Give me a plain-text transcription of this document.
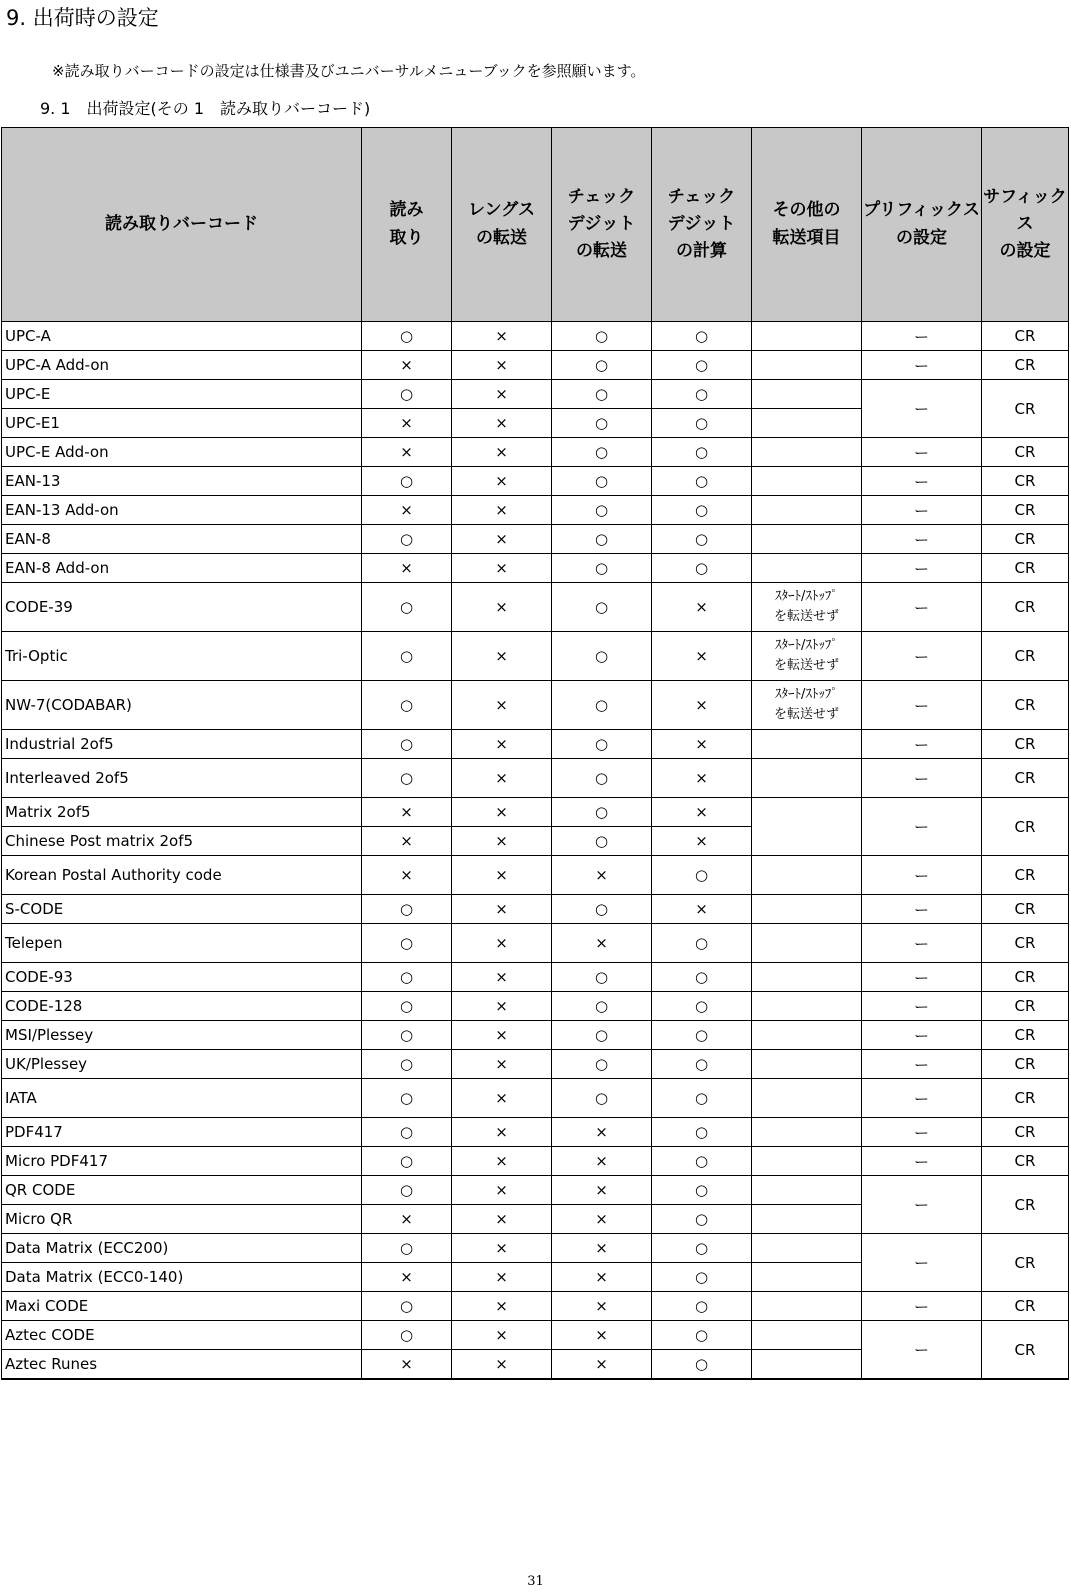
9. 出荷時の設定

※読み取りバーコードの設定は仕様書及びユニバーサルメニューブックを参照願います。

9. 1　出荷設定(その 1　読み取りバーコード)

読み取りバーコード	読み
取り	レングス
の転送	チェック
デジット
の転送	チェック
デジット
の計算	その他の
転送項目	プリフィックス
の設定	サフィックス
の設定

UPC-A	○	×	○	○		ー	CR
UPC-A Add-on	×	×	○	○		ー	CR
UPC-E	○	×	○	○		ー	CR
UPC-E1	×	×	○	○			
UPC-E Add-on	×	×	○	○		ー	CR
EAN-13	○	×	○	○		ー	CR
EAN-13 Add-on	×	×	○	○		ー	CR
EAN-8	○	×	○	○		ー	CR
EAN-8 Add-on	×	×	○	○		ー	CR
CODE-39	○	×	○	×	ｽﾀｰﾄ/ｽﾄｯﾌﾟ
を転送せず	ー	CR
Tri-Optic	○	×	○	×	ｽﾀｰﾄ/ｽﾄｯﾌﾟ
を転送せず	ー	CR
NW-7(CODABAR)	○	×	○	×	ｽﾀｰﾄ/ｽﾄｯﾌﾟ
を転送せず	ー	CR
Industrial 2of5	○	×	○	×		ー	CR
Interleaved 2of5	○	×	○	×		ー	CR
Matrix 2of5	×	×	○	×		ー	CR
Chinese Post matrix 2of5	×	×	○	×			
Korean Postal Authority code	×	×	×	○		ー	CR
S-CODE	○	×	○	×		ー	CR
Telepen	○	×	×	○		ー	CR
CODE-93	○	×	○	○		ー	CR
CODE-128	○	×	○	○		ー	CR
MSI/Plessey	○	×	○	○		ー	CR
UK/Plessey	○	×	○	○		ー	CR
IATA	○	×	○	○		ー	CR
PDF417	○	×	×	○		ー	CR
Micro PDF417	○	×	×	○		ー	CR
QR CODE	○	×	×	○		ー	CR
Micro QR	×	×	×	○			
Data Matrix (ECC200)	○	×	×	○		ー	CR
Data Matrix (ECC0-140)	×	×	×	○			
Maxi CODE	○	×	×	○		ー	CR
Aztec CODE	○	×	×	○		ー	CR
Aztec Runes	×	×	×	○			
31
